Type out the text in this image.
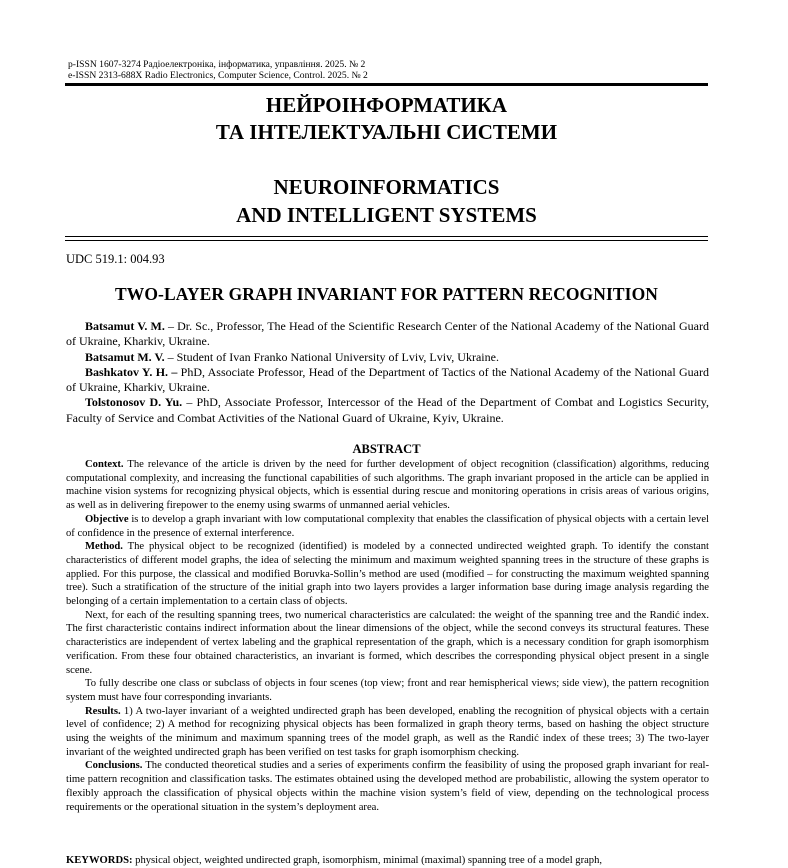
p-ISSN 1607-3274 Радіоелектроніка, інформатика, управління. 2025. № 2
e-ISSN 2313-688X Radio Electronics, Computer Science, Control. 2025. № 2
НЕЙРОІНФОРМАТИКА
ТА ІНТЕЛЕКТУАЛЬНІ СИСТЕМИ
NEUROINFORMATICS
AND INTELLIGENT SYSTEMS
UDC 519.1: 004.93
TWO-LAYER GRAPH INVARIANT FOR PATTERN RECOGNITION

Batsamut V. M. – Dr. Sc., Professor, The Head of the Scientific Research Center of the National Academy of the National Guard of Ukraine, Kharkiv, Ukraine.

Batsamut M. V. – Student of Ivan Franko National University of Lviv, Lviv, Ukraine.

Bashkatov Y. H. – PhD, Associate Professor, Head of the Department of Tactics of the National Academy of the National Guard of Ukraine, Kharkiv, Ukraine.

Tolstonosov D. Yu. – PhD, Associate Professor, Intercessor of the Head of the Department of Combat and Logistics Security, Faculty of Service and Combat Activities of the National Guard of Ukraine, Kyiv, Ukraine.

ABSTRACT

Context. The relevance of the article is driven by the need for further development of object recognition (classification) algorithms, reducing computational complexity, and increasing the functional capabilities of such algorithms. The graph invariant proposed in the article can be applied in machine vision systems for recognizing physical objects, which is essential during rescue and monitoring operations in crisis areas of various origins, as well as in delivering firepower to the enemy using swarms of unmanned aerial vehicles.

Objective is to develop a graph invariant with low computational complexity that enables the classification of physical objects with a certain level of confidence in the presence of external interference.

Method. The physical object to be recognized (identified) is modeled by a connected undirected weighted graph. To identify the constant characteristics of different model graphs, the idea of selecting the minimum and maximum weighted spanning trees in the structure of these graphs is applied. For this purpose, the classical and modified Boruvka-Sollin’s method are used (modified – for constructing the maximum weighted spanning tree). Such a stratification of the structure of the initial graph into two layers provides a larger information base during image analysis regarding the belonging of a certain implementation to a certain class of objects.

Next, for each of the resulting spanning trees, two numerical characteristics are calculated: the weight of the spanning tree and the Randić index. The first characteristic contains indirect information about the linear dimensions of the object, while the second conveys its structural features. These characteristics are independent of vertex labeling and the graphical representation of the graph, which is a necessary condition for graph isomorphism verification. From these four obtained characteristics, an invariant is formed, which describes the corresponding physical object present in a single scene.

To fully describe one class or subclass of objects in four scenes (top view; front and rear hemispherical views; side view), the pattern recognition system must have four corresponding invariants.

Results. 1) A two-layer invariant of a weighted undirected graph has been developed, enabling the recognition of physical objects with a certain level of confidence; 2) A method for recognizing physical objects has been formalized in graph theory terms, based on hashing the object structure using the weights of the minimum and maximum spanning trees of the model graph, as well as the Randić index of these trees; 3) The two-layer invariant of the weighted undirected graph has been verified on test tasks for graph isomorphism checking.

Conclusions. The conducted theoretical studies and a series of experiments confirm the feasibility of using the proposed graph invariant for real-time pattern recognition and classification tasks. The estimates obtained using the developed method are probabilistic, allowing the system operator to flexibly approach the classification of physical objects within the machine vision system’s field of view, depending on the technological process requirements or the operational situation in the system’s deployment area.

KEYWORDS: physical object, weighted undirected graph, isomorphism, minimal (maximal) spanning tree of a model graph,
